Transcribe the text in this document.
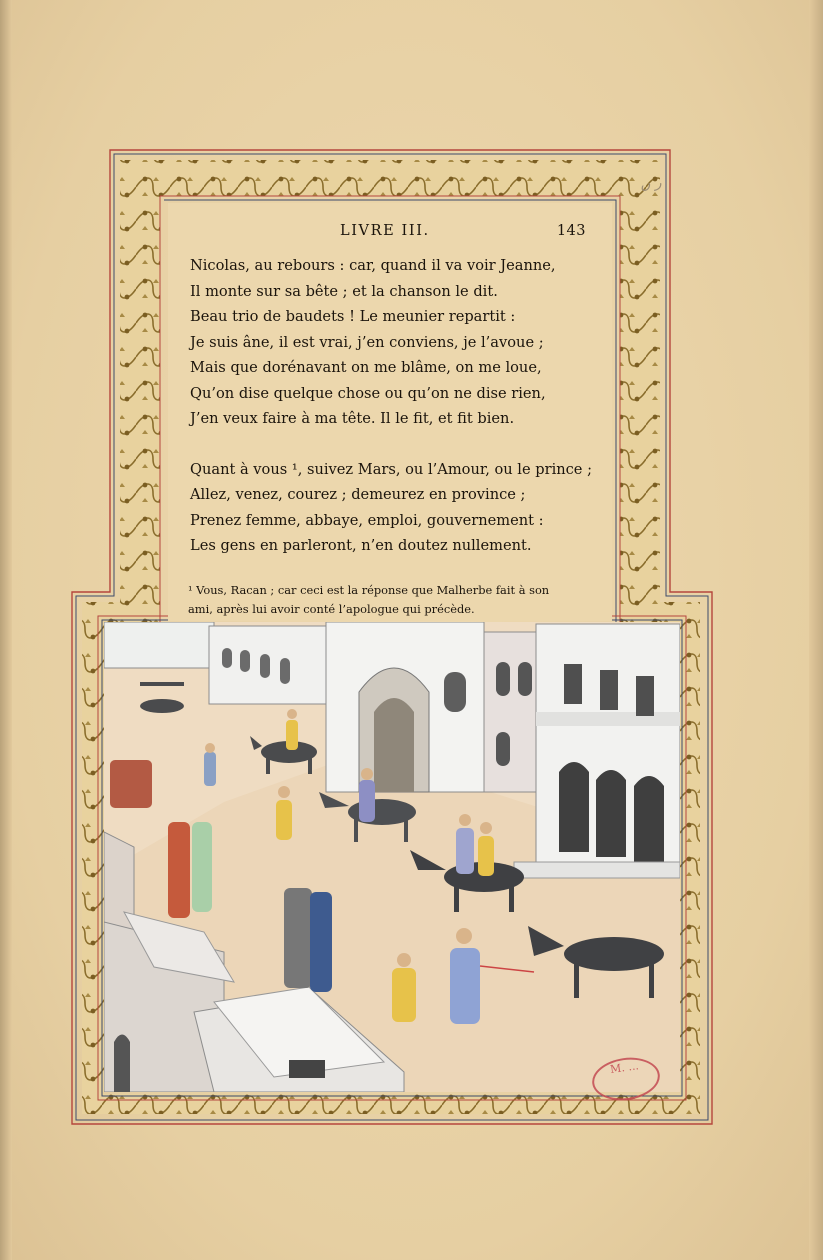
ر ں
LIVRE III.	143
Nicolas, au rebours : car, quand il va voir Jeanne,
Il monte sur sa bête ; et la chanson le dit.
Beau trio de baudets ! Le meunier repartit :
Je suis âne, il est vrai, j’en conviens, je l’avoue ;
Mais que dorénavant on me blâme, on me loue,
Qu’on dise quelque chose ou qu’on ne dise rien,
J’en veux faire à ma tête. Il le fit, et fit bien.
Quant à vous ¹, suivez Mars, ou l’Amour, ou le prince ;
Allez, venez, courez ; demeurez en province ;
Prenez femme, abbaye, emploi, gouvernement :
Les gens en parleront, n’en doutez nullement.
¹ Vous, Racan ; car ceci est la réponse que Malherbe fait à son
ami, après lui avoir conté l’apologue qui précède.
M. ...
